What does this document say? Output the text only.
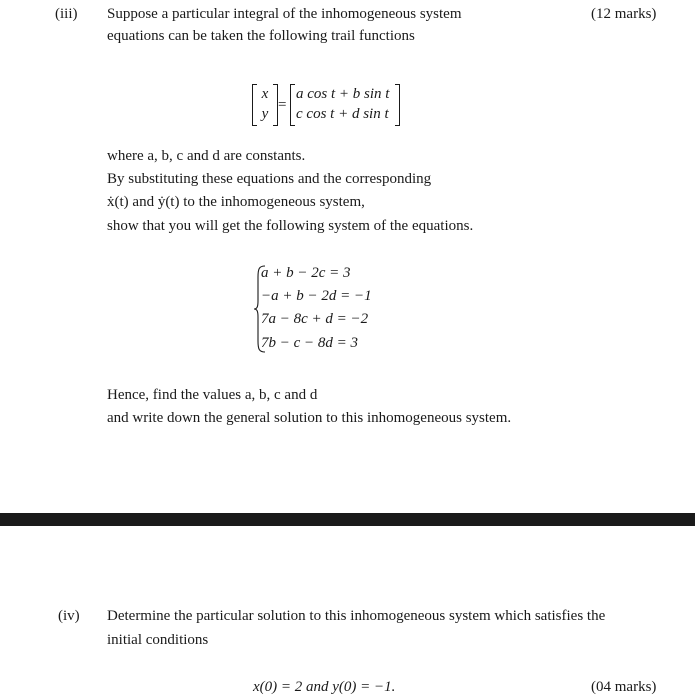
(iii) Suppose a particular integral of the inhomogeneous system	(12 marks)
equations can be taken the following trail functions
x
y
=
a cos t + b sin t
c cos t + d sin t
where a, b, c and d are constants.
By substituting these equations and the corresponding
ẋ(t) and ẏ(t) to the inhomogeneous system,
show that you will get the following system of the equations.
a + b − 2c = 3
−a + b − 2d = −1
7a − 8c + d = −2
7b − c − 8d = 3
Hence, find the values a, b, c and d
and write down the general solution to this inhomogeneous system.
(iv) Determine the particular solution to this inhomogeneous system which satisfies the
initial conditions
x(0) = 2 and y(0) = −1.	(04 marks)
